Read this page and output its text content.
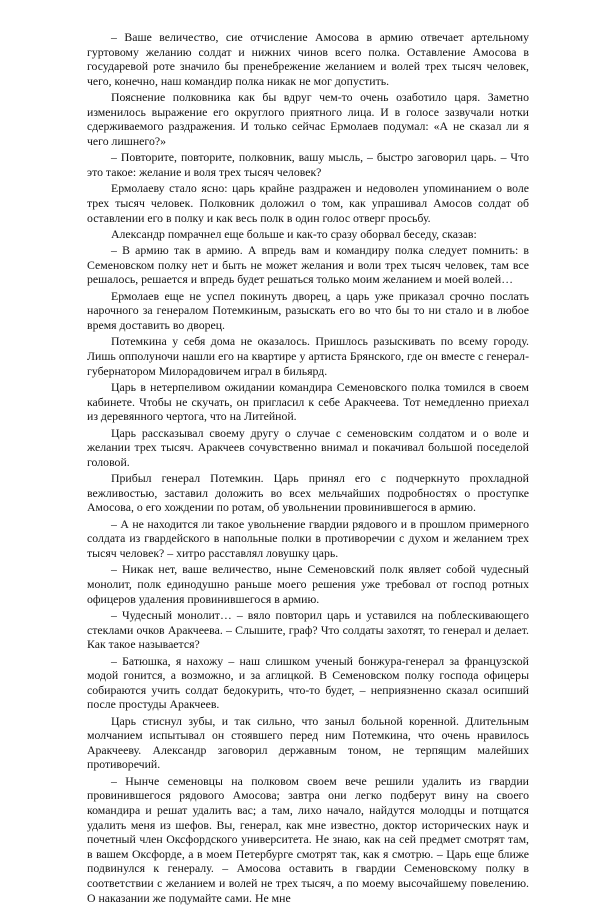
– Ваше величество, сие отчисление Амосова в армию отвечает артельному гуртовому желанию солдат и нижних чинов всего полка. Оставление Амосова в государевой роте значило бы пренебрежение желанием и волей трех тысяч человек, чего, конечно, наш командир полка никак не мог допустить.

Пояснение полковника как бы вдруг чем-то очень озаботило царя. Заметно изменилось выражение его округлого приятного лица. И в голосе зазвучали нотки сдерживаемого раздражения. И только сейчас Ермолаев подумал: «А не сказал ли я чего лишнего?»

– Повторите, повторите, полковник, вашу мысль, – быстро заговорил царь. – Что это такое: желание и воля трех тысяч человек?

Ермолаеву стало ясно: царь крайне раздражен и недоволен упоминанием о воле трех тысяч человек. Полковник доложил о том, как упрашивал Амосов солдат об оставлении его в полку и как весь полк в один голос отверг просьбу.

Александр помрачнел еще больше и как-то сразу оборвал беседу, сказав:

– В армию так в армию. А впредь вам и командиру полка следует помнить: в Семеновском полку нет и быть не может желания и воли трех тысяч человек, там все решалось, решается и впредь будет решаться только моим желанием и моей волей…

Ермолаев еще не успел покинуть дворец, а царь уже приказал срочно послать нарочного за генералом Потемкиным, разыскать его во что бы то ни стало и в любое время доставить во дворец.

Потемкина у себя дома не оказалось. Пришлось разыскивать по всему городу. Лишь опполуночи нашли его на квартире у артиста Брянского, где он вместе с генерал-губернатором Милорадовичем играл в бильярд.

Царь в нетерпеливом ожидании командира Семеновского полка томился в своем кабинете. Чтобы не скучать, он пригласил к себе Аракчеева. Тот немедленно приехал из деревянного чертога, что на Литейной.

Царь рассказывал своему другу о случае с семеновским солдатом и о воле и желании трех тысяч. Аракчеев сочувственно внимал и покачивал большой поседелой головой.

Прибыл генерал Потемкин. Царь принял его с подчеркнуто прохладной вежливостью, заставил доложить во всех мельчайших подробностях о проступке Амосова, о его хождении по ротам, об увольнении провинившегося в армию.

– А не находится ли такое увольнение гвардии рядового и в прошлом примерного солдата из гвардейского в напольные полки в противоречии с духом и желанием трех тысяч человек? – хитро расставлял ловушку царь.

– Никак нет, ваше величество, ныне Семеновский полк являет собой чудесный монолит, полк единодушно раньше моего решения уже требовал от господ ротных офицеров удаления провинившегося в армию.

– Чудесный монолит… – вяло повторил царь и уставился на поблескивающего стеклами очков Аракчеева. – Слышите, граф? Что солдаты захотят, то генерал и делает. Как такое называется?

– Батюшка, я нахожу – наш слишком ученый бонжура-генерал за французской модой гонится, а возможно, и за аглицкой. В Семеновском полку господа офицеры собираются учить солдат бедокурить, что-то будет, – неприязненно сказал осипший после простуды Аракчеев.

Царь стиснул зубы, и так сильно, что заныл больной коренной. Длительным молчанием испытывал он стоявшего перед ним Потемкина, что очень нравилось Аракчееву. Александр заговорил державным тоном, не терпящим малейших противоречий.

– Нынче семеновцы на полковом своем вече решили удалить из гвардии провинившегося рядового Амосова; завтра они легко подберут вину на своего командира и решат удалить вас; а там, лихо начало, найдутся молодцы и потщатся удалить меня из шефов. Вы, генерал, как мне известно, доктор исторических наук и почетный член Оксфордского университета. Не знаю, как на сей предмет смотрят там, в вашем Оксфорде, а в моем Петербурге смотрят так, как я смотрю. – Царь еще ближе подвинулся к генералу. – Амосова оставить в гвардии Семеновскому полку в соответствии с желанием и волей не трех тысяч, а по моему высочайшему повелению. О наказании же подумайте сами. Не мне
